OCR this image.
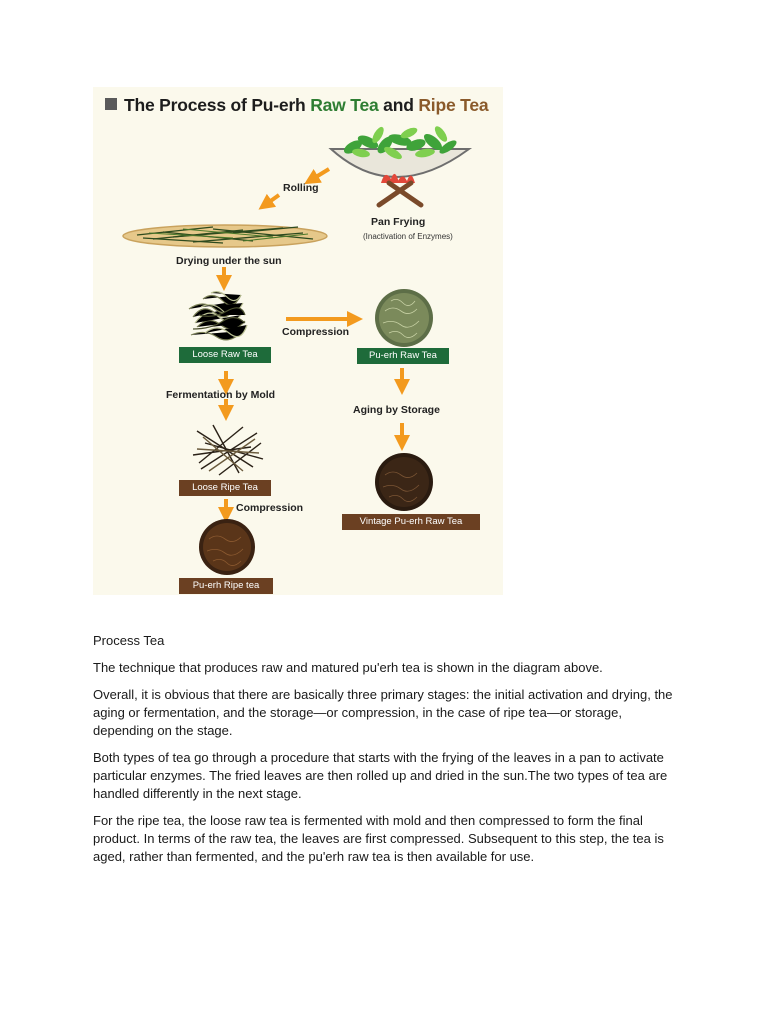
The Process of Pu-erh Raw Tea and Ripe Tea
Rolling
Pan Frying
(Inactivation of Enzymes)
Drying under the sun
Loose Raw Tea
Compression
Pu-erh Raw Tea
Fermentation by Mold
Aging by Storage
Loose Ripe Tea
Compression
Vintage Pu-erh Raw Tea
Pu-erh Ripe tea

Process Tea

The technique that produces raw and matured pu'erh tea is shown in the diagram above.

Overall, it is obvious that there are basically three primary stages: the initial activation and drying, the aging or fermentation, and the storage—or compression, in the case of ripe tea—or storage, depending on the stage.

Both types of tea go through a procedure that starts with the frying of the leaves in a pan to activate particular enzymes. The fried leaves are then rolled up and dried in the sun.The two types of tea are handled differently in the next stage.

For the ripe tea, the loose raw tea is fermented with mold and then compressed to form the final product. In terms of the raw tea, the leaves are first compressed. Subsequent to this step, the tea is aged, rather than fermented, and the pu'erh raw tea is then available for use.
